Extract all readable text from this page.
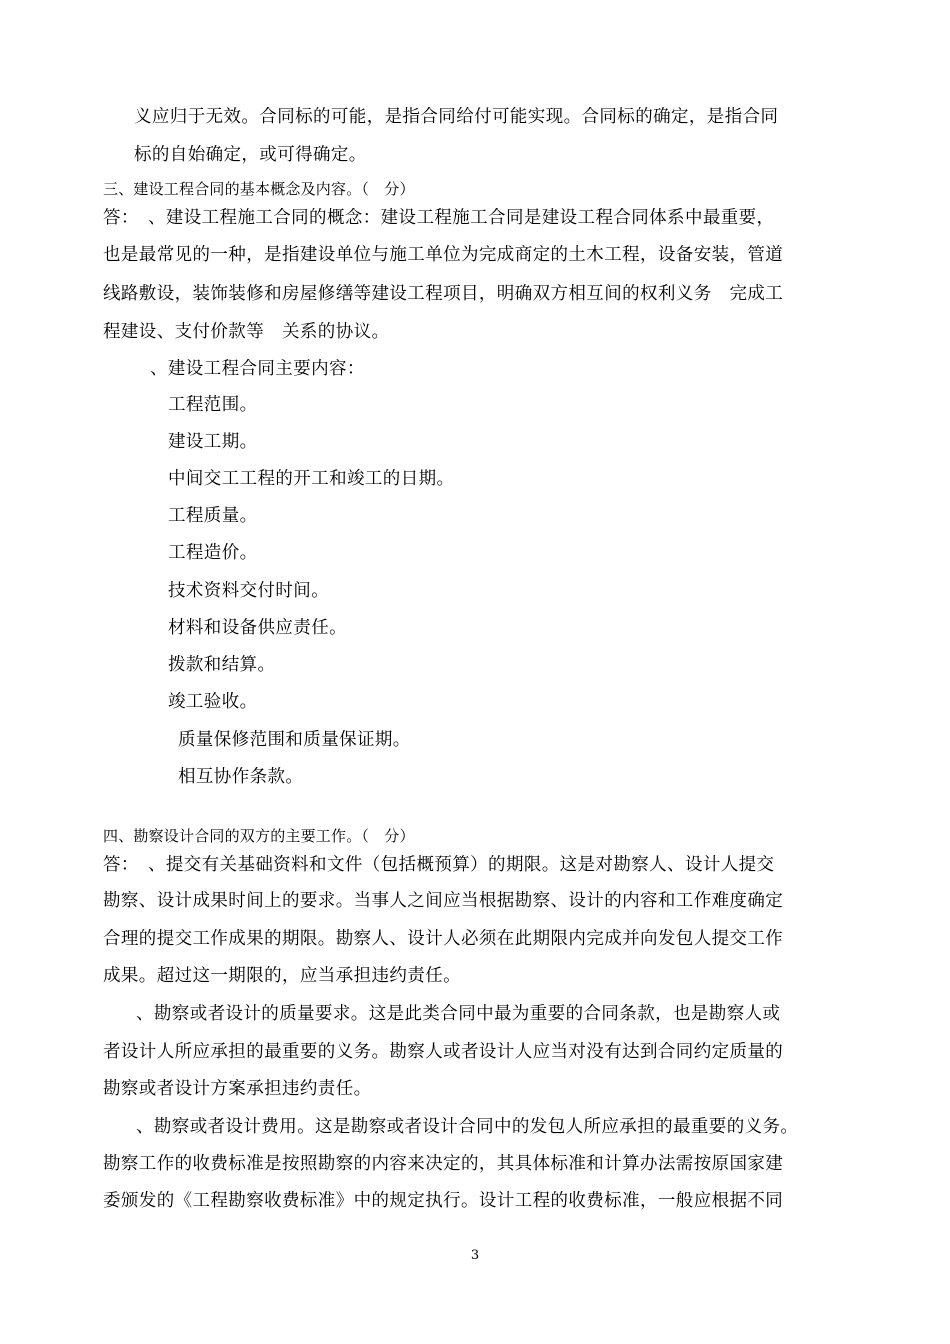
义应归于无效。合同标的可能，是指合同给付可能实现。合同标的确定，是指合同

标的自始确定，或可得确定。

三、建设工程合同的基本概念及内容。（　分）

答：　、建设工程施工合同的概念：建设工程施工合同是建设工程合同体系中最重要，

也是最常见的一种，是指建设单位与施工单位为完成商定的土木工程，设备安装，管道

线路敷设，装饰装修和房屋修缮等建设工程项目，明确双方相互间的权利义务　完成工

程建设、支付价款等　关系的协议。

、建设工程合同主要内容：

工程范围。

建设工期。

中间交工工程的开工和竣工的日期。

工程质量。

工程造价。

技术资料交付时间。

材料和设备供应责任。

拨款和结算。

竣工验收。

质量保修范围和质量保证期。

相互协作条款。

四、勘察设计合同的双方的主要工作。（　分）

答：　、提交有关基础资料和文件（包括概预算）的期限。这是对勘察人、设计人提交

勘察、设计成果时间上的要求。当事人之间应当根据勘察、设计的内容和工作难度确定

合理的提交工作成果的期限。勘察人、设计人必须在此期限内完成并向发包人提交工作

成果。超过这一期限的，应当承担违约责任。

、勘察或者设计的质量要求。这是此类合同中最为重要的合同条款，也是勘察人或

者设计人所应承担的最重要的义务。勘察人或者设计人应当对没有达到合同约定质量的

勘察或者设计方案承担违约责任。

、勘察或者设计费用。这是勘察或者设计合同中的发包人所应承担的最重要的义务。

勘察工作的收费标准是按照勘察的内容来决定的，其具体标准和计算办法需按原国家建

委颁发的《工程勘察收费标准》中的规定执行。设计工程的收费标准，一般应根据不同

3
